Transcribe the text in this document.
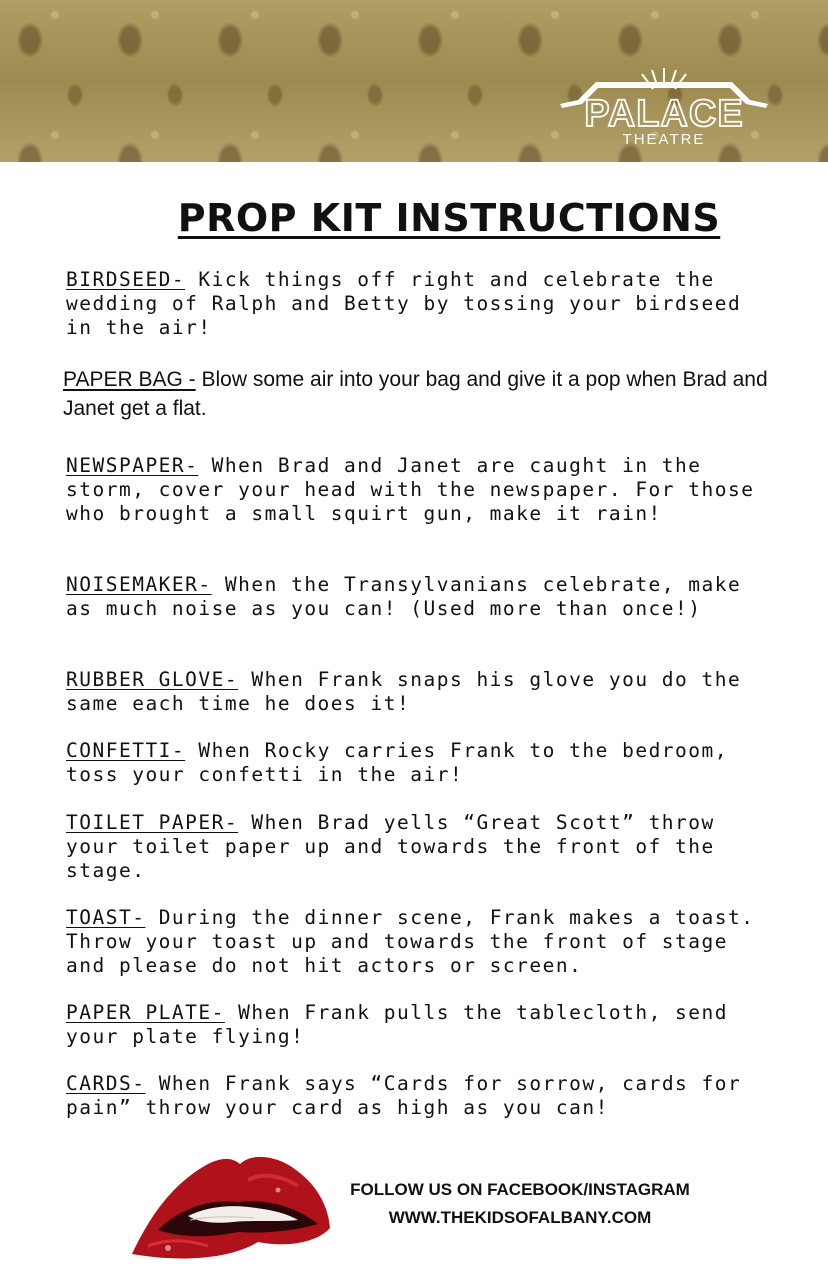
PALACE
THEATRE
PROP KIT INSTRUCTIONS
BIRDSEED- Kick things off right and celebrate the wedding of Ralph and Betty by tossing your birdseed in the air!
PAPER BAG - Blow some air into your bag and give it a pop when Brad and Janet get a flat.
NEWSPAPER- When Brad and Janet are caught in the storm, cover your head with the newspaper. For those who brought a small squirt gun, make it rain!
NOISEMAKER- When the Transylvanians celebrate, make as much noise as you can! (Used more than once!)
RUBBER GLOVE- When Frank snaps his glove you do the same each time he does it!
CONFETTI- When Rocky carries Frank to the bedroom, toss your confetti in the air!
TOILET PAPER- When Brad yells “Great Scott” throw your toilet paper up and towards the front of the stage.
TOAST- During the dinner scene, Frank makes a toast. Throw your toast up and towards the front of stage and please do not hit actors or screen.
PAPER PLATE- When Frank pulls the tablecloth, send your plate flying!
CARDS- When Frank says “Cards for sorrow, cards for pain” throw your card as high as you can!
FOLLOW US ON FACEBOOK/INSTAGRAM
WWW.THEKIDSOFALBANY.COM
